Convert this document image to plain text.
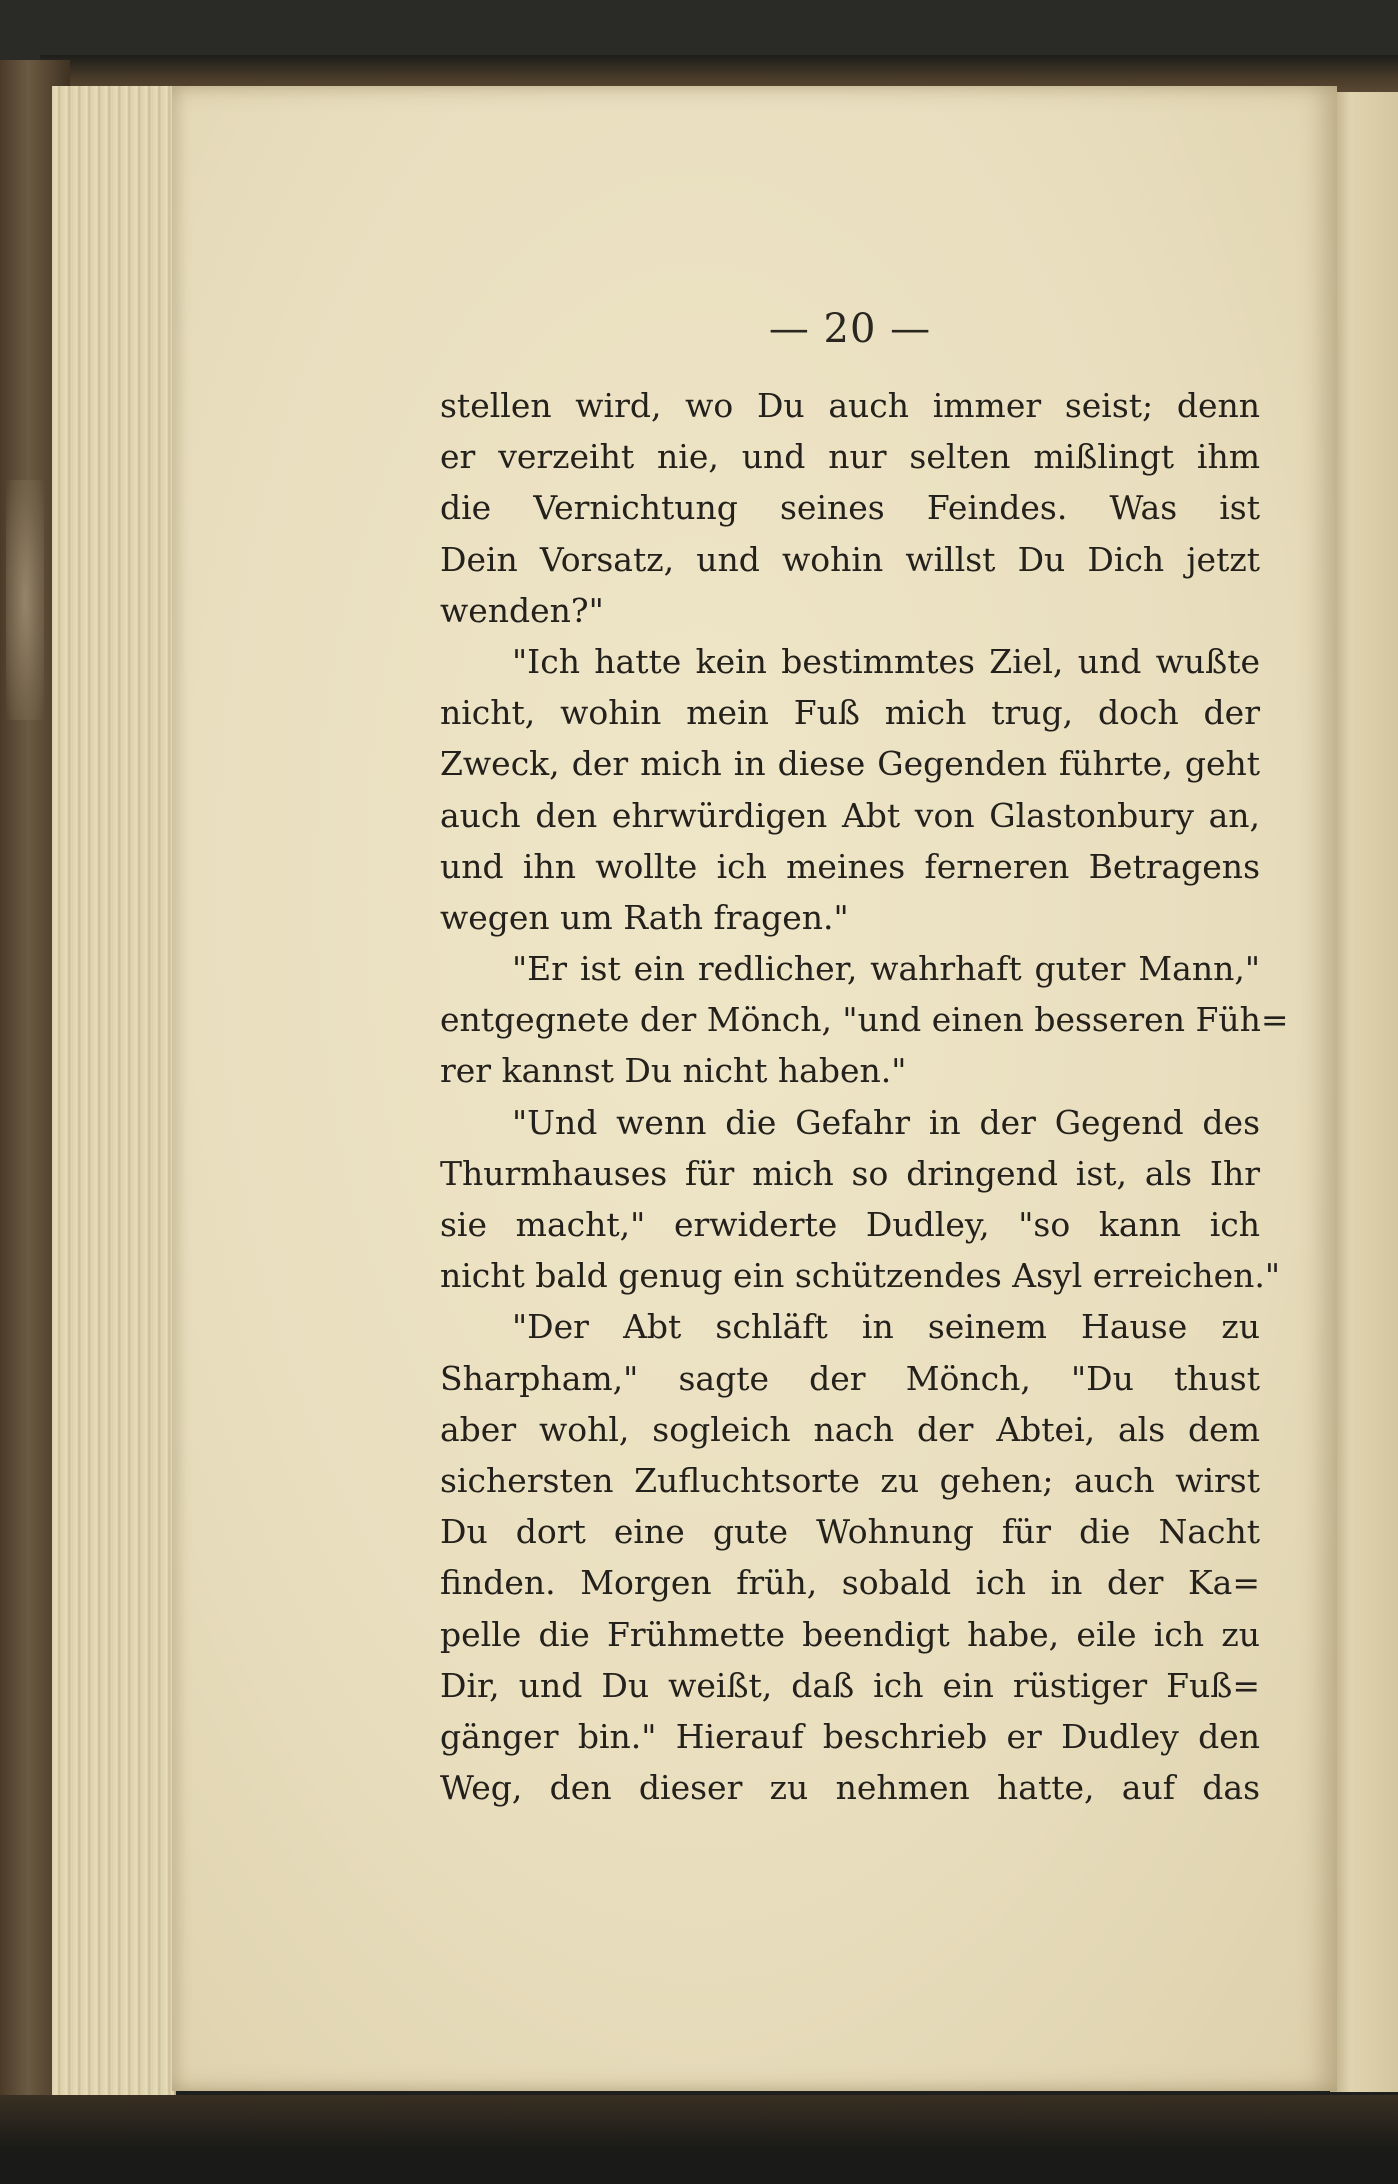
— 20 —
stellen wird, wo Du auch immer seist; denn
er verzeiht nie, und nur selten mißlingt ihm
die Vernichtung seines Feindes. Was ist
Dein Vorsatz, und wohin willst Du Dich jetzt
wenden?"
"Ich hatte kein bestimmtes Ziel, und wußte
nicht, wohin mein Fuß mich trug, doch der
Zweck, der mich in diese Gegenden führte, geht
auch den ehrwürdigen Abt von Glastonbury an,
und ihn wollte ich meines ferneren Betragens
wegen um Rath fragen."
"Er ist ein redlicher, wahrhaft guter Mann,"
entgegnete der Mönch, "und einen besseren Füh=
rer kannst Du nicht haben."
"Und wenn die Gefahr in der Gegend des
Thurmhauses für mich so dringend ist, als Ihr
sie macht," erwiderte Dudley, "so kann ich
nicht bald genug ein schützendes Asyl erreichen."
"Der Abt schläft in seinem Hause zu
Sharpham," sagte der Mönch, "Du thust
aber wohl, sogleich nach der Abtei, als dem
sichersten Zufluchtsorte zu gehen; auch wirst
Du dort eine gute Wohnung für die Nacht
finden. Morgen früh, sobald ich in der Ka=
pelle die Frühmette beendigt habe, eile ich zu
Dir, und Du weißt, daß ich ein rüstiger Fuß=
gänger bin." Hierauf beschrieb er Dudley den
Weg, den dieser zu nehmen hatte, auf das
